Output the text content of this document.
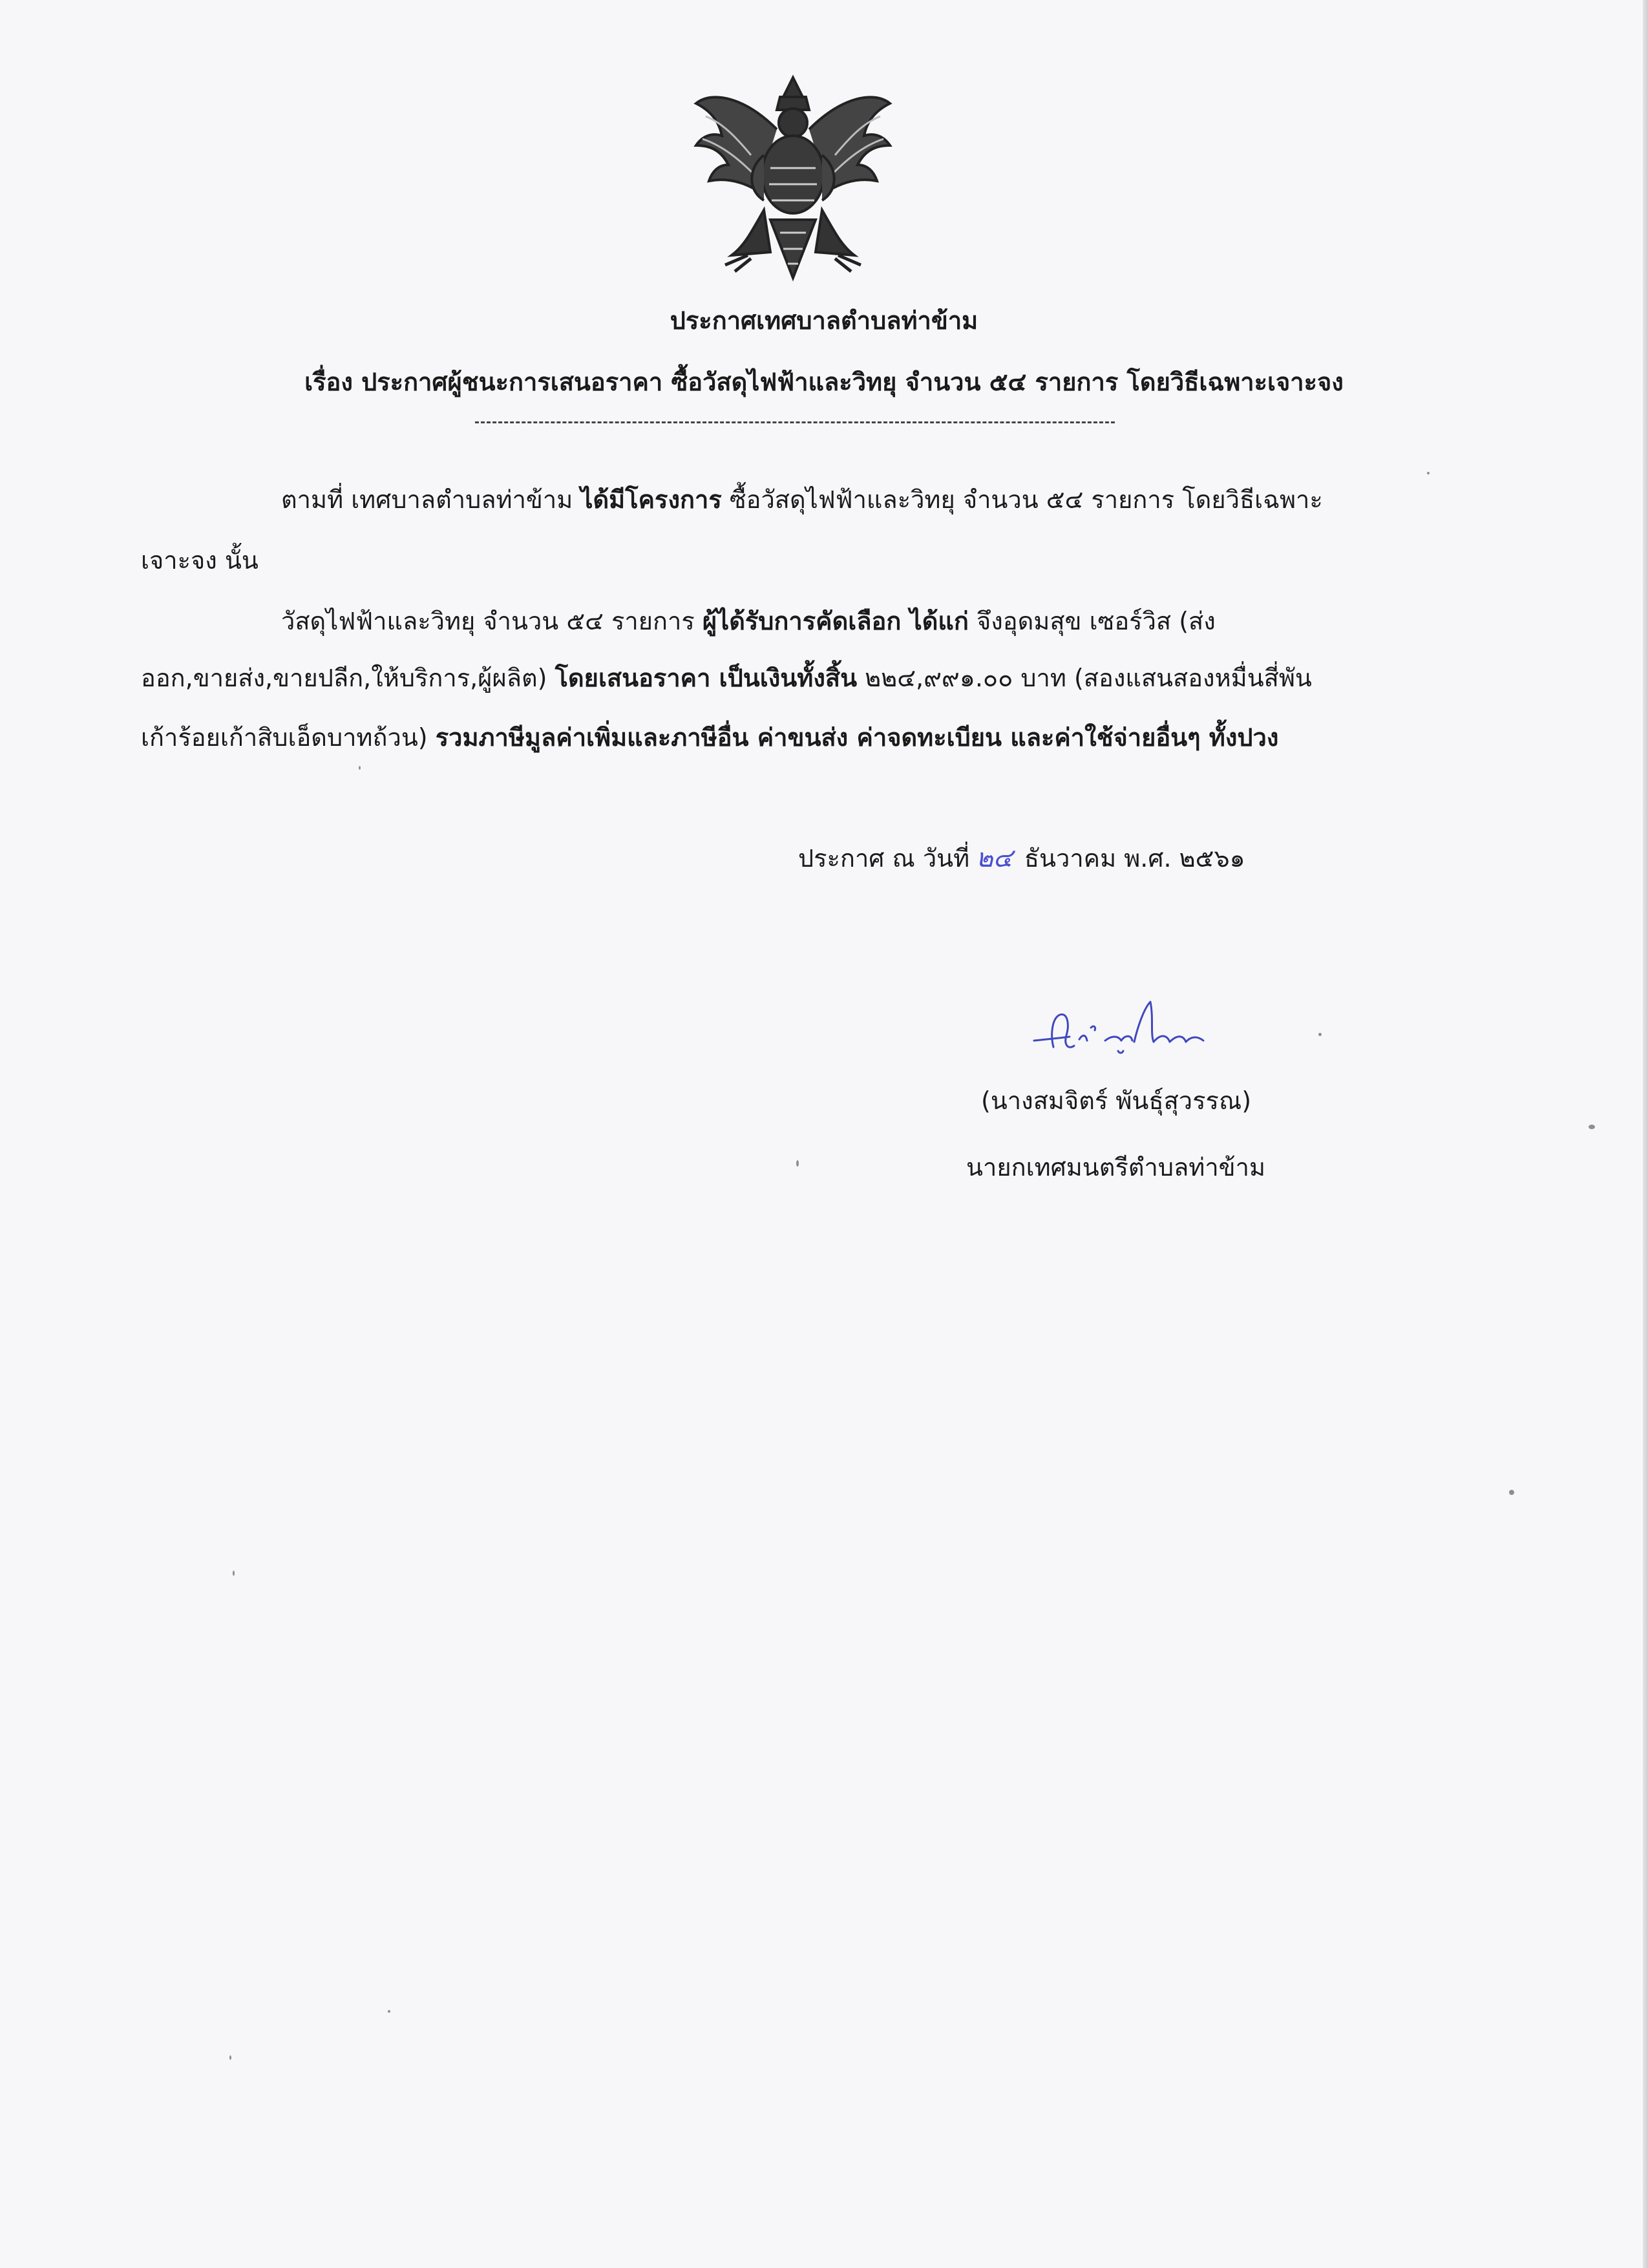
ประกาศเทศบาลตำบลท่าข้าม
เรื่อง ประกาศผู้ชนะการเสนอราคา ซื้อวัสดุไฟฟ้าและวิทยุ จำนวน ๕๔ รายการ โดยวิธีเฉพาะเจาะจง
ตามที่ เทศบาลตำบลท่าข้าม ได้มีโครงการ ซื้อวัสดุไฟฟ้าและวิทยุ จำนวน ๕๔ รายการ โดยวิธีเฉพาะ
เจาะจง นั้น
วัสดุไฟฟ้าและวิทยุ จำนวน ๕๔ รายการ ผู้ได้รับการคัดเลือก ได้แก่ จึงอุดมสุข เซอร์วิส (ส่ง
ออก,ขายส่ง,ขายปลีก,ให้บริการ,ผู้ผลิต) โดยเสนอราคา เป็นเงินทั้งสิ้น ๒๒๔,๙๙๑.๐๐ บาท (สองแสนสองหมื่นสี่พัน
เก้าร้อยเก้าสิบเอ็ดบาทถ้วน) รวมภาษีมูลค่าเพิ่มและภาษีอื่น ค่าขนส่ง ค่าจดทะเบียน และค่าใช้จ่ายอื่นๆ ทั้งปวง
ประกาศ ณ วันที่ ๒๔ ธันวาคม พ.ศ. ๒๕๖๑
(นางสมจิตร์ พันธุ์สุวรรณ)
นายกเทศมนตรีตำบลท่าข้าม
